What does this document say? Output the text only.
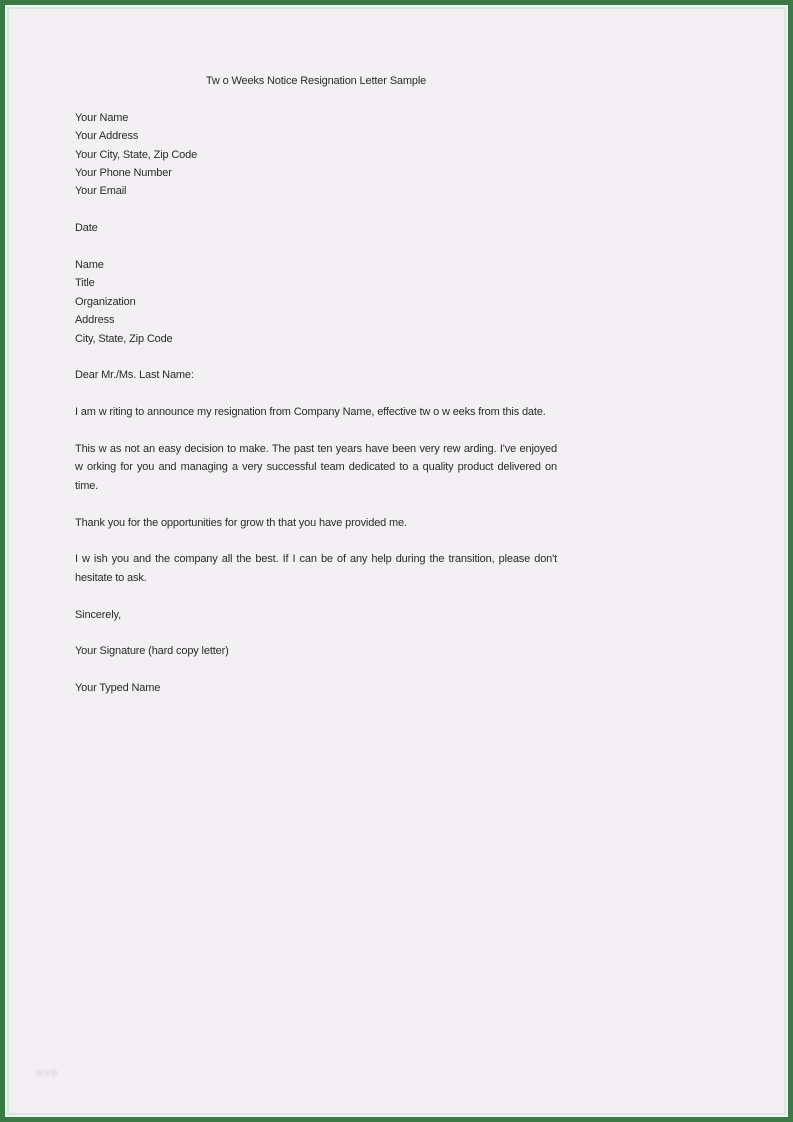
Tw o Weeks Notice Resignation Letter Sample
Your Name
Your Address
Your City, State, Zip Code
Your Phone Number
Your Email
Date
Name
Title
Organization
Address
City, State, Zip Code
Dear Mr./Ms. Last Name:
I am w riting to announce my resignation from Company Name, effective tw o w eeks from this date.
This w as not an easy decision to make. The past ten years have been very rew arding. I've enjoyed
w orking for you and managing a very successful team dedicated to a quality product delivered on
time.
Thank you for the opportunities for grow th that you have provided me.
I w ish you and the company all the best. If I can be of any help during the transition, please don't
hesitate to ask.
Sincerely,
Your Signature (hard copy letter)
Your Typed Name
web
